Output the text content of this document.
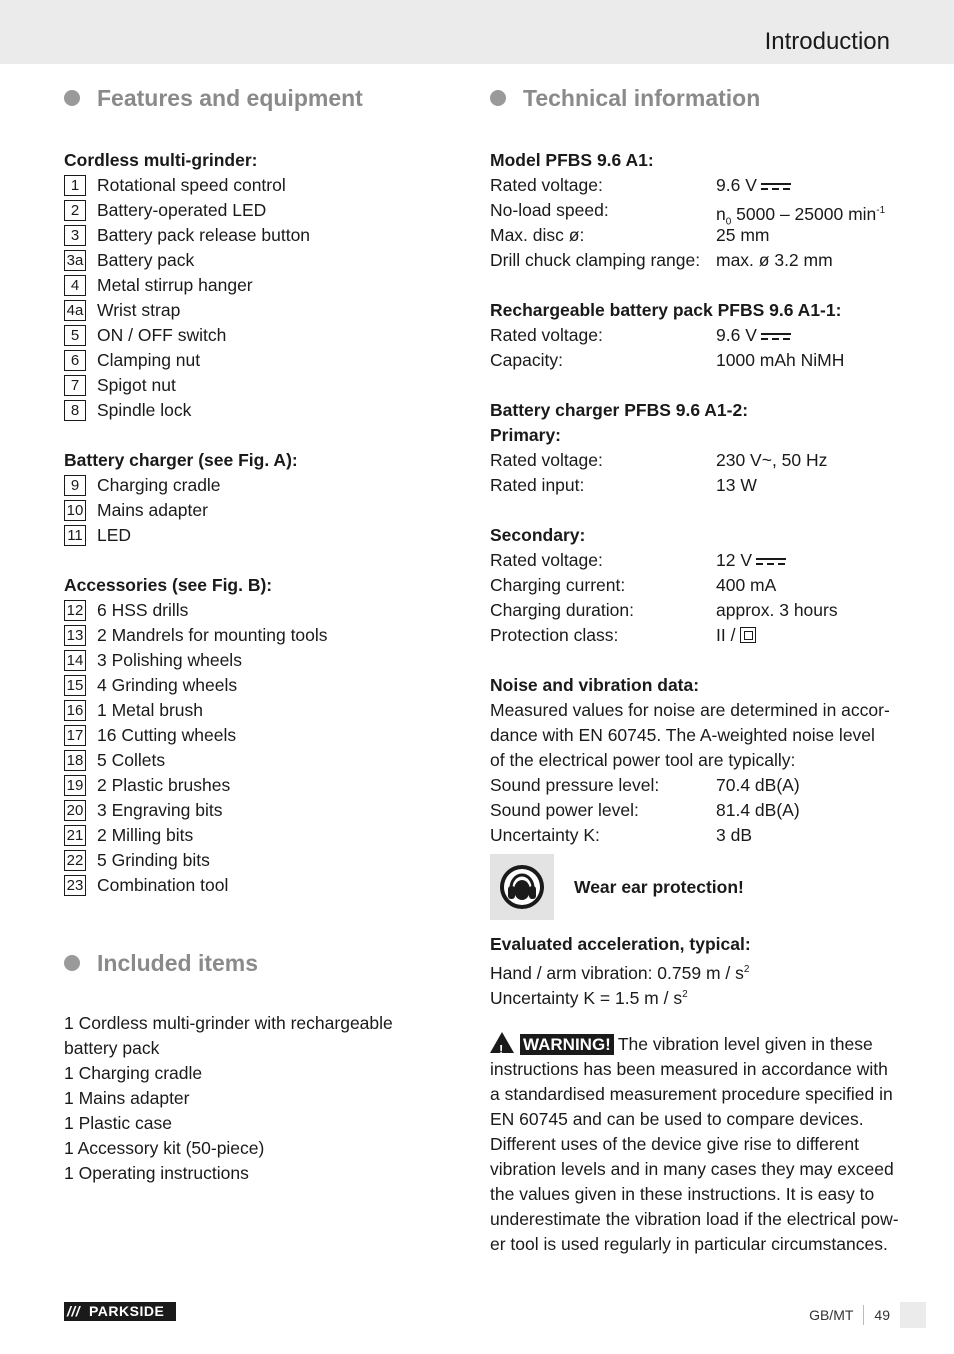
Introduction
Features and equipment
Cordless multi-grinder:
1 Rotational speed control
2 Battery-operated LED
3 Battery pack release button
3a Battery pack
4 Metal stirrup hanger
4a Wrist strap
5 ON / OFF switch
6 Clamping nut
7 Spigot nut
8 Spindle lock
Battery charger (see Fig. A):
9 Charging cradle
10 Mains adapter
11 LED
Accessories (see Fig. B):
12 6 HSS drills
13 2 Mandrels for mounting tools
14 3 Polishing wheels
15 4 Grinding wheels
16 1 Metal brush
17 16 Cutting wheels
18 5 Collets
19 2 Plastic brushes
20 3 Engraving bits
21 2 Milling bits
22 5 Grinding bits
23 Combination tool
Included items
1 Cordless multi-grinder with rechargeable
battery pack
1 Charging cradle
1 Mains adapter
1 Plastic case
1 Accessory kit (50-piece)
1 Operating instructions
Technical information
Model PFBS 9.6 A1:
Rated voltage:	9.6 V
No-load speed:	$n_0$ 5000 – 25000 $\min^{-1}$
Max. disc ø:	25 mm
Drill chuck clamping range: max. ø 3.2 mm
Rechargeable battery pack PFBS 9.6 A1-1:
Rated voltage:	9.6 V
Capacity:	1000 mAh NiMH
Battery charger PFBS 9.6 A1-2:
Primary:
Rated voltage:	230 V~, 50 Hz
Rated input:	13 W
Secondary:
Rated voltage:	12 V
Charging current:	400 mA
Charging duration:	approx. 3 hours
Protection class:	II /
Noise and vibration data:
Measured values for noise are determined in accor-
dance with EN 60745. The A-weighted noise level
of the electrical power tool are typically:
Sound pressure level:	70.4 dB(A)
Sound power level:	81.4 dB(A)
Uncertainty K:	3 dB
Wear ear protection!
Evaluated acceleration, typical:
Hand / arm vibration: 0.759 m / $s^2$
Uncertainty K = 1.5 m / $s^2$
!WARNING! The vibration level given in these
instructions has been measured in accordance with
a standardised measurement procedure specified in
EN 60745 and can be used to compare devices.
Different uses of the device give rise to different
vibration levels and in many cases they may exceed
the values given in these instructions. It is easy to
underestimate the vibration load if the electrical pow-
er tool is used regularly in particular circumstances.
/// PARKSIDE	GB/MT 49
